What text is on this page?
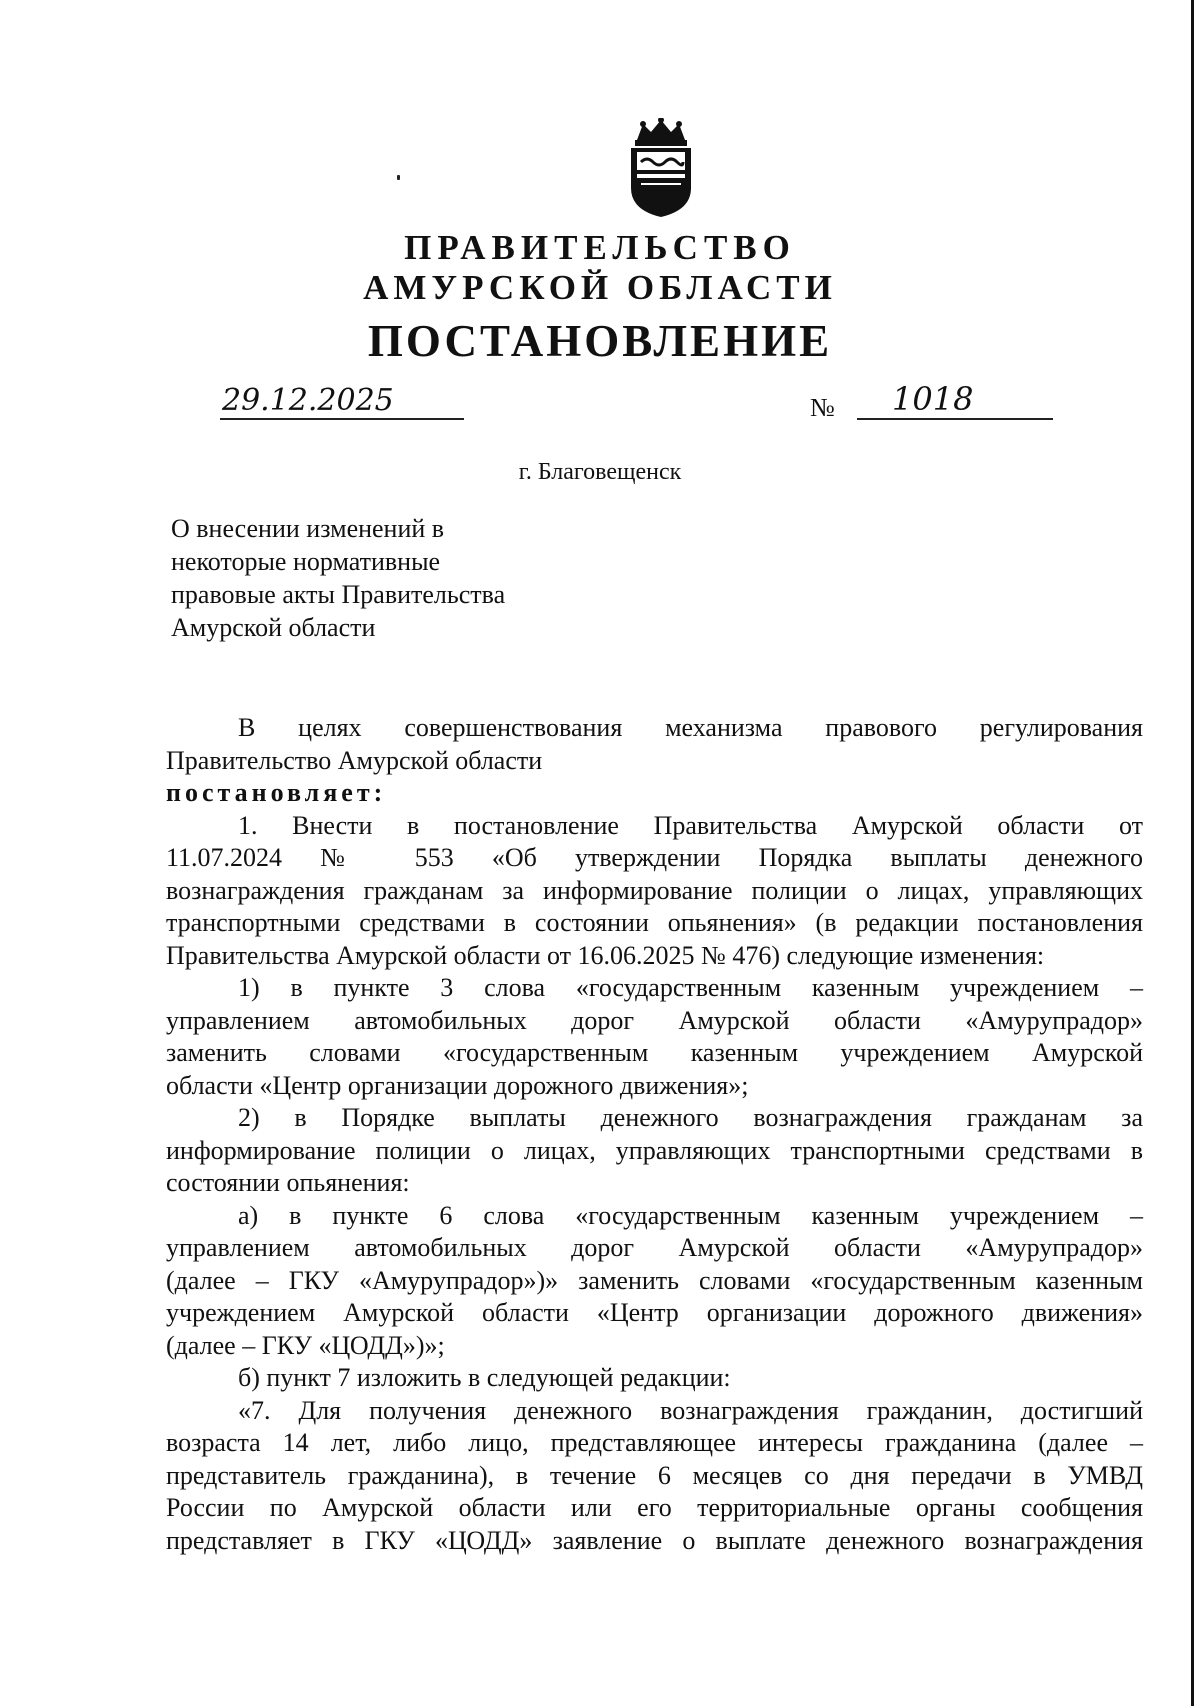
ПРАВИТЕЛЬСТВО
АМУРСКОЙ ОБЛАСТИ
ПОСТАНОВЛЕНИЕ
29.12.2025	№ 1018
г. Благовещенск
О внесении изменений в
некоторые нормативные
правовые акты Правительства
Амурской области
В целях совершенствования механизма правового регулирования
Правительство Амурской области
постановляет:
1. Внести в постановление Правительства Амурской области от
11.07.2024 № 553 «Об утверждении Порядка выплаты денежного
вознаграждения гражданам за информирование полиции о лицах, управляющих
транспортными средствами в состоянии опьянения» (в редакции постановления
Правительства Амурской области от 16.06.2025 № 476) следующие изменения:
1) в пункте 3 слова «государственным казенным учреждением –
управлением автомобильных дорог Амурской области «Амурупрадор»
заменить словами «государственным казенным учреждением Амурской
области «Центр организации дорожного движения»;
2) в Порядке выплаты денежного вознаграждения гражданам за
информирование полиции о лицах, управляющих транспортными средствами в
состоянии опьянения:
а) в пункте 6 слова «государственным казенным учреждением –
управлением автомобильных дорог Амурской области «Амурупрадор»
(далее – ГКУ «Амурупрадор»)» заменить словами «государственным казенным
учреждением Амурской области «Центр организации дорожного движения»
(далее – ГКУ «ЦОДД»)»;
б) пункт 7 изложить в следующей редакции:
«7. Для получения денежного вознаграждения гражданин, достигший
возраста 14 лет, либо лицо, представляющее интересы гражданина (далее –
представитель гражданина), в течение 6 месяцев со дня передачи в УМВД
России по Амурской области или его территориальные органы сообщения
представляет в ГКУ «ЦОДД» заявление о выплате денежного вознаграждения
